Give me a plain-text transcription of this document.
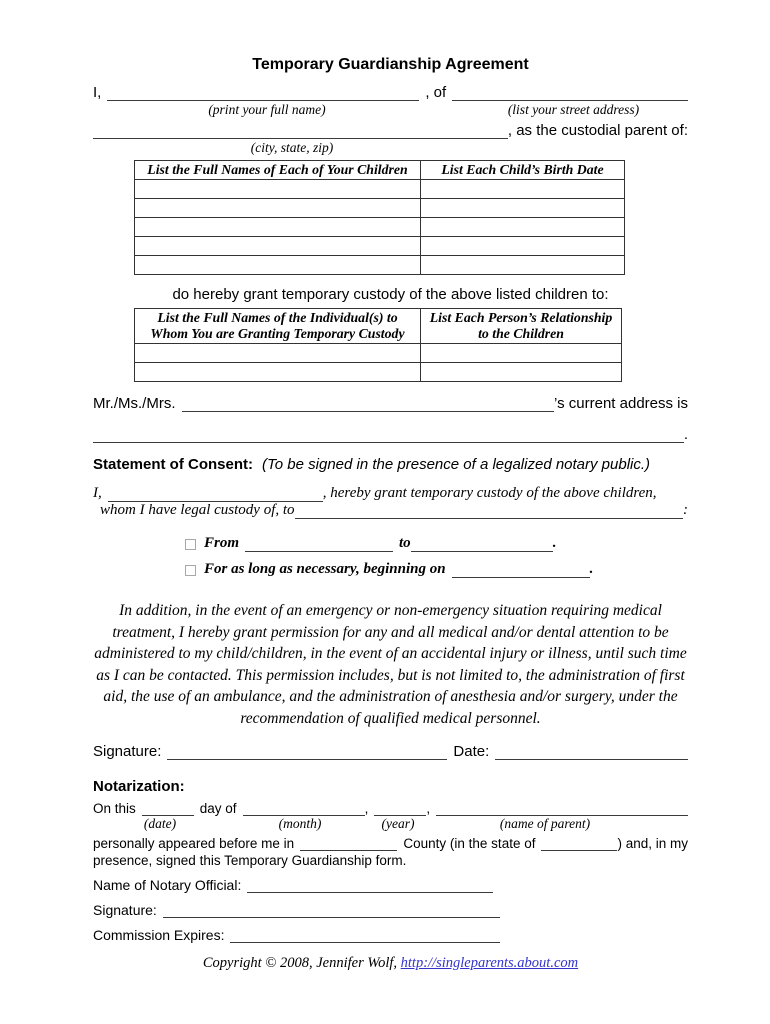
Temporary Guardianship Agreement
I,	, of
(print your full name)	(list your street address)
, as the custodial parent of:
(city, state, zip)
List the Full Names of Each of Your Children	List Each Child’s Birth Date

do hereby grant temporary custody of the above listed children to:
List the Full Names of the Individual(s) to Whom You are Granting Temporary Custody	List Each Person’s Relationship to the Children

Mr./Ms./Mrs.	’s current address is
.
Statement of Consent: (To be signed in the presence of a legalized notary public.)
I,	, hereby grant temporary custody of the above children,
whom I have legal custody of, to	:
From	to	.
For as long as necessary, beginning on	.
In addition, in the event of an emergency or non-emergency situation requiring medical treatment, I hereby grant permission for any and all medical and/or dental attention to be administered to my child/children, in the event of an accidental injury or illness, until such time as I can be contacted. This permission includes, but is not limited to, the administration of first aid, the use of an ambulance, and the administration of anesthesia and/or surgery, under the recommendation of qualified medical personnel.
Signature:	Date:
Notarization:
On this	day of	,	,
(date)	(month)	(year)	(name of parent)
personally appeared before me in	County (in the state of	) and, in my
presence, signed this Temporary Guardianship form.
Name of Notary Official:
Signature:
Commission Expires:
Copyright © 2008, Jennifer Wolf, http://singleparents.about.com
